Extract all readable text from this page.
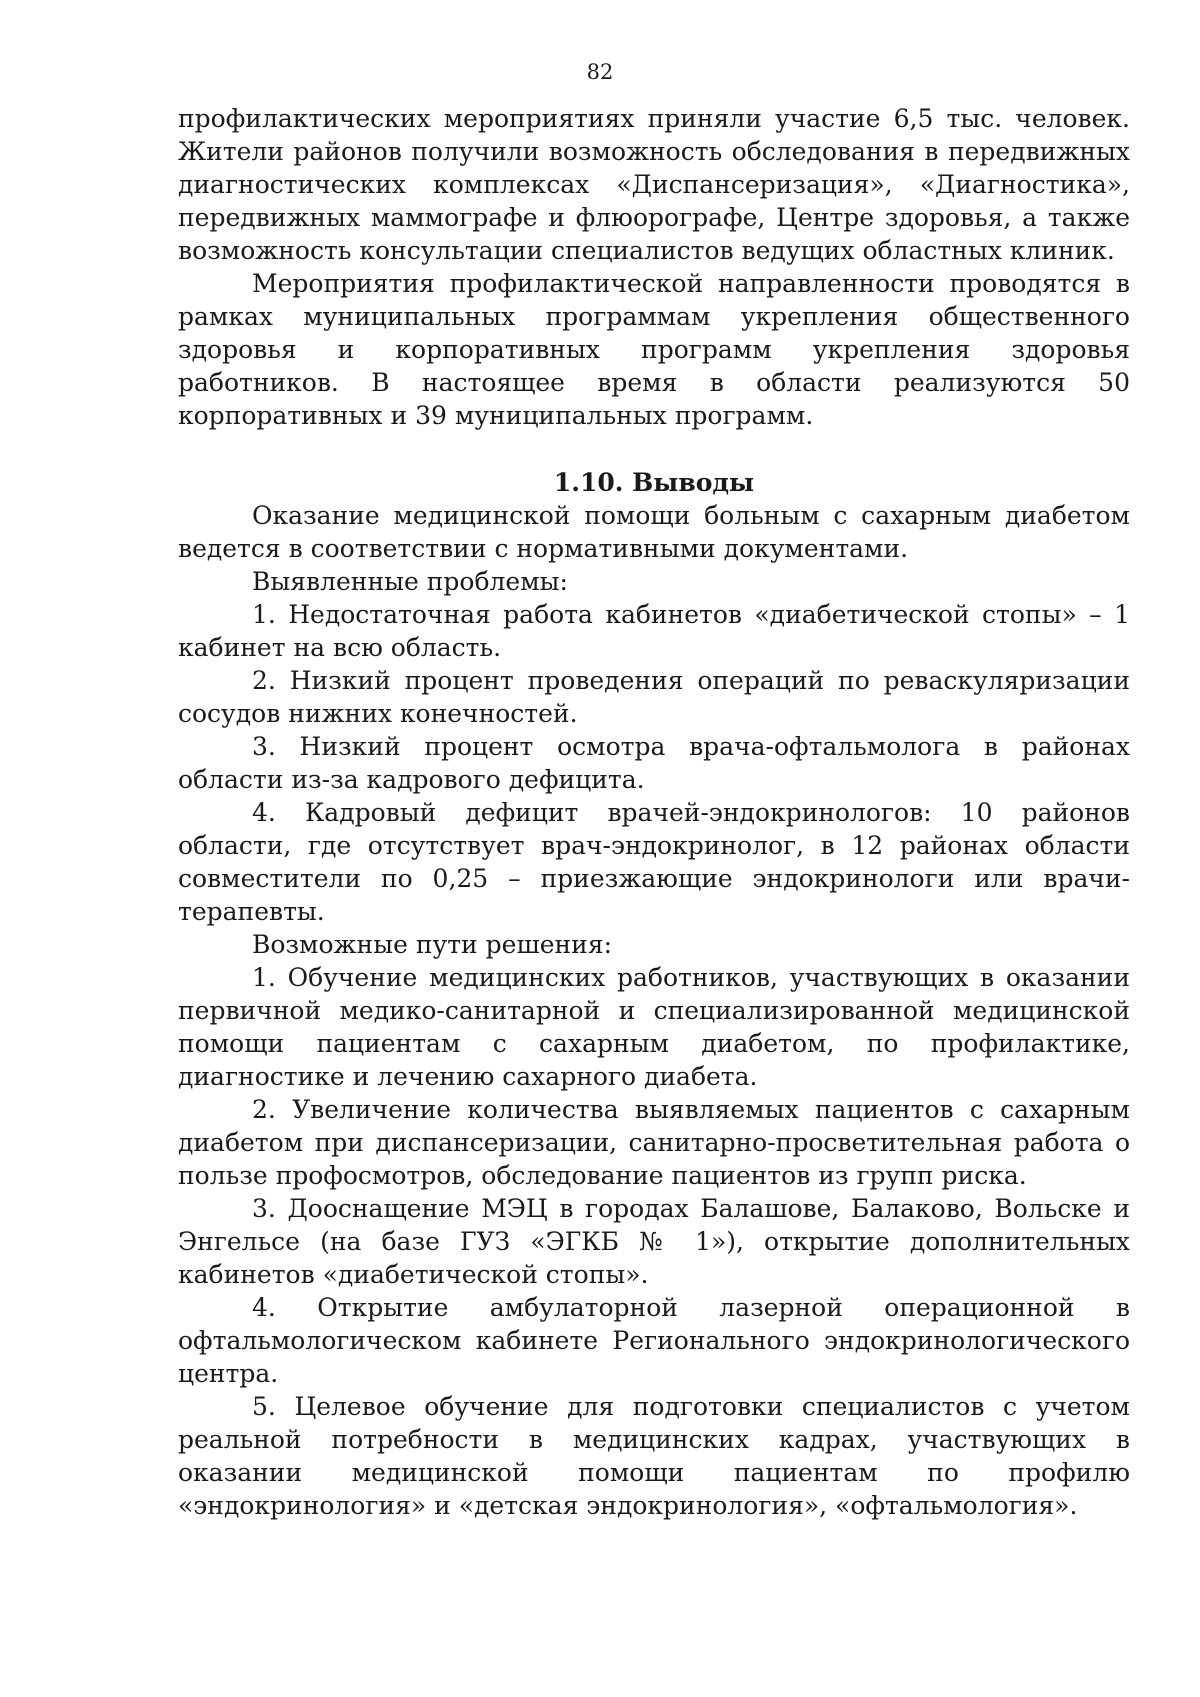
82

профилактических мероприятиях приняли участие 6,5 тыс. человек. Жители районов получили возможность обследования в передвижных диагностических комплексах «Диспансеризация», «Диагностика», передвижных маммографе и флюорографе, Центре здоровья, а также возможность консультации специалистов ведущих областных клиник.

Мероприятия профилактической направленности проводятся в рамках муниципальных программам укрепления общественного здоровья и корпоративных программ укрепления здоровья работников. В настоящее время в области реализуются 50 корпоративных и 39 муниципальных программ.

1.10. Выводы

Оказание медицинской помощи больным с сахарным диабетом ведется в соответствии с нормативными документами.

Выявленные проблемы:

1. Недостаточная работа кабинетов «диабетической стопы» – 1 кабинет на всю область.

2. Низкий процент проведения операций по реваскуляризации сосудов нижних конечностей.

3. Низкий процент осмотра врача-офтальмолога в районах области из-за кадрового дефицита.

4. Кадровый дефицит врачей-эндокринологов: 10 районов области, где отсутствует врач-эндокринолог, в 12 районах области совместители по 0,25 – приезжающие эндокринологи или врачи-терапевты.

Возможные пути решения:

1. Обучение медицинских работников, участвующих в оказании первичной медико-санитарной и специализированной медицинской помощи пациентам с сахарным диабетом, по профилактике, диагностике и лечению сахарного диабета.

2. Увеличение количества выявляемых пациентов с сахарным диабетом при диспансеризации, санитарно-просветительная работа о пользе профосмотров, обследование пациентов из групп риска.

3. Дооснащение МЭЦ в городах Балашове, Балаково, Вольске и Энгельсе (на базе ГУЗ «ЭГКБ № 1»), открытие дополнительных кабинетов «диабетической стопы».

4. Открытие амбулаторной лазерной операционной в офтальмологическом кабинете Регионального эндокринологического центра.

5. Целевое обучение для подготовки специалистов с учетом реальной потребности в медицинских кадрах, участвующих в оказании медицинской помощи пациентам по профилю «эндокринология» и «детская эндокринология», «офтальмология».
